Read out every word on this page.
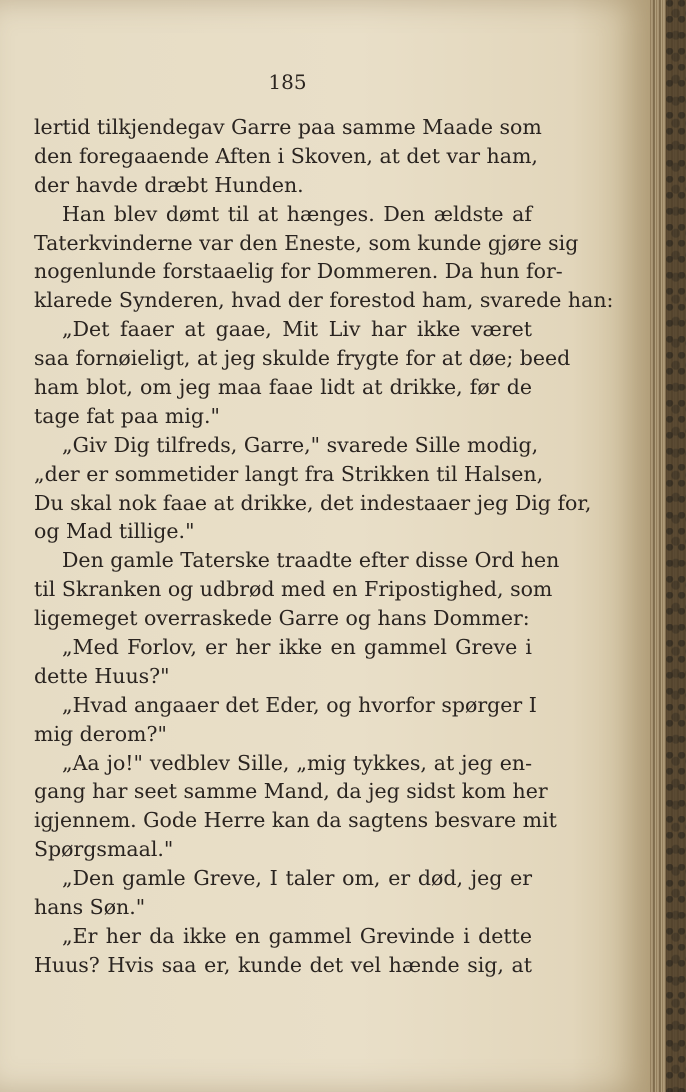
185
lertid tilkjendegav Garre paa samme Maade som
den foregaaende Aften i Skoven, at det var ham,
der havde dræbt Hunden.
Han blev dømt til at hænges. Den ældste af
Taterkvinderne var den Eneste, som kunde gjøre sig
nogenlunde forstaaelig for Dommeren. Da hun for-
klarede Synderen, hvad der forestod ham, svarede han:
„Det faaer at gaae, Mit Liv har ikke været
saa fornøieligt, at jeg skulde frygte for at døe; beed
ham blot, om jeg maa faae lidt at drikke, før de
tage fat paa mig."
„Giv Dig tilfreds, Garre," svarede Sille modig,
„der er sommetider langt fra Strikken til Halsen,
Du skal nok faae at drikke, det indestaaer jeg Dig for,
og Mad tillige."
Den gamle Taterske traadte efter disse Ord hen
til Skranken og udbrød med en Fripostighed, som
ligemeget overraskede Garre og hans Dommer:
„Med Forlov, er her ikke en gammel Greve i
dette Huus?"
„Hvad angaaer det Eder, og hvorfor spørger I
mig derom?"
„Aa jo!" vedblev Sille, „mig tykkes, at jeg en-
gang har seet samme Mand, da jeg sidst kom her
igjennem. Gode Herre kan da sagtens besvare mit
Spørgsmaal."
„Den gamle Greve, I taler om, er død, jeg er
hans Søn."
„Er her da ikke en gammel Grevinde i dette
Huus? Hvis saa er, kunde det vel hænde sig, at
